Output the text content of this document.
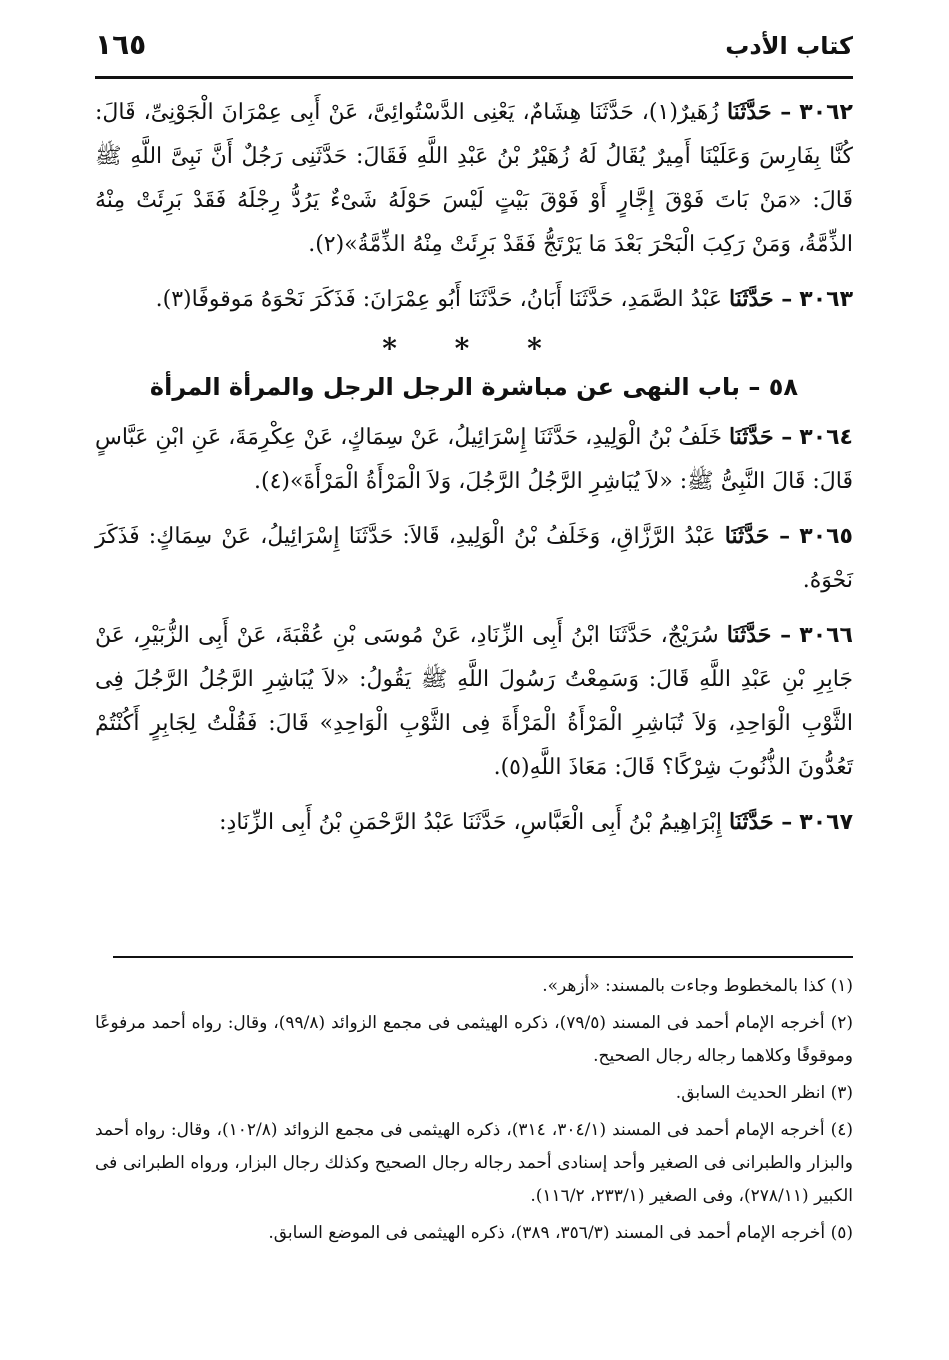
كتاب الأدب
١٦٥

٣٠٦٢ – حَدَّثَنَا زُهَيرٌ(١)، حَدَّثَنَا هِشَامٌ، يَعْنِى الدَّسْتُوائِىَّ، عَنْ أَبِى عِمْرَانَ الْجَوْنِىِّ، قَالَ: كُنَّا بِفَارِسَ وَعَلَيْنَا أَمِيرٌ يُقَالُ لَهُ زُهَيْرُ بْنُ عَبْدِ اللَّهِ فَقَالَ: حَدَّثَنِى رَجُلٌ أَنَّ نَبِىَّ اللَّهِ ﷺ قَالَ: «مَنْ بَاتَ فَوْقَ إِجَّارٍ أَوْ فَوْقَ بَيْتٍ لَيْسَ حَوْلَهُ شَىْءٌ يَرُدُّ رِجْلَهُ فَقَدْ بَرِئَتْ مِنْهُ الذِّمَّةُ، وَمَنْ رَكِبَ الْبَحْرَ بَعْدَ مَا يَرْتَجُّ فَقَدْ بَرِئَتْ مِنْهُ الذِّمَّةُ»(٢).

٣٠٦٣ – حَدَّثَنَا عَبْدُ الصَّمَدِ، حَدَّثَنَا أَبَانُ، حَدَّثَنَا أَبُو عِمْرَانَ: فَذَكَرَ نَحْوَهُ مَوقوفًا(٣).

* * *
٥٨ – باب النهى عن مباشرة الرجل الرجل والمرأة المرأة

٣٠٦٤ – حَدَّثَنَا خَلَفُ بْنُ الْوَلِيدِ، حَدَّثَنَا إِسْرَائِيلُ، عَنْ سِمَاكٍ، عَنْ عِكْرِمَةَ، عَنِ ابْنِ عَبَّاسٍ قَالَ: قَالَ النَّبِىُّ ﷺ: «لاَ يُبَاشِرِ الرَّجُلُ الرَّجُلَ، وَلاَ الْمَرْأَةُ الْمَرْأَةَ»(٤).

٣٠٦٥ – حَدَّثَنَا عَبْدُ الرَّزَّاقِ، وَخَلَفُ بْنُ الْوَلِيدِ، قَالاَ: حَدَّثَنَا إِسْرَائِيلُ، عَنْ سِمَاكٍ: فَذَكَرَ نَحْوَهُ.

٣٠٦٦ – حَدَّثَنَا سُرَيْجٌ، حَدَّثَنَا ابْنُ أَبِى الزِّنَادِ، عَنْ مُوسَى بْنِ عُقْبَةَ، عَنْ أَبِى الزُّبَيْرِ، عَنْ جَابِرِ بْنِ عَبْدِ اللَّهِ قَالَ: وَسَمِعْتُ رَسُولَ اللَّهِ ﷺ يَقُولُ: «لاَ يُبَاشِرِ الرَّجُلُ الرَّجُلَ فِى الثَّوْبِ الْوَاحِدِ، وَلاَ تُبَاشِرِ الْمَرْأَةُ الْمَرْأَةَ فِى الثَّوْبِ الْوَاحِدِ» قَالَ: فَقُلْتُ لِجَابِرٍ أَكُنْتُمْ تَعُدُّونَ الذُّنُوبَ شِرْكًا؟ قَالَ: مَعَاذَ اللَّهِ(٥).

٣٠٦٧ – حَدَّثَنَا إِبْرَاهِيمُ بْنُ أَبِى الْعَبَّاسِ، حَدَّثَنَا عَبْدُ الرَّحْمَنِ بْنُ أَبِى الزِّنَادِ:

(١) كذا بالمخطوط وجاءت بالمسند: «أزهر».
(٢) أخرجه الإمام أحمد فى المسند (٧٩/٥)، ذكره الهيثمى فى مجمع الزوائد (٩٩/٨)، وقال: رواه أحمد مرفوعًا وموقوفًا وكلاهما رجاله رجال الصحيح.
(٣) انظر الحديث السابق.
(٤) أخرجه الإمام أحمد فى المسند (٣٠٤/١، ٣١٤)، ذكره الهيثمى فى مجمع الزوائد (١٠٢/٨)، وقال: رواه أحمد والبزار والطبرانى فى الصغير وأحد إسنادى أحمد رجاله رجال الصحيح وكذلك رجال البزار، ورواه الطبرانى فى الكبير (٢٧٨/١١)، وفى الصغير (٢٣٣/١، ١١٦/٢).
(٥) أخرجه الإمام أحمد فى المسند (٣٥٦/٣، ٣٨٩)، ذكره الهيثمى فى الموضع السابق.
